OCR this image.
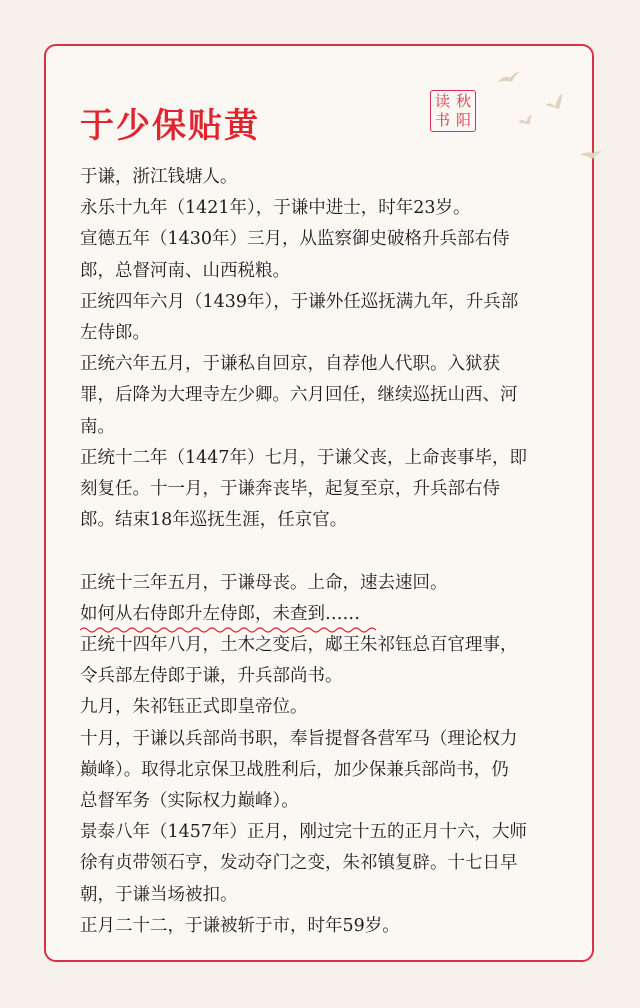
于少保贴黄
读 秋
书 阳

于谦，浙江钱塘人。

永乐十九年（1421年），于谦中进士，时年23岁。

宣德五年（1430年）三月，从监察御史破格升兵部右侍

郎，总督河南、山西税粮。

正统四年六月（1439年），于谦外任巡抚满九年，升兵部

左侍郎。

正统六年五月，于谦私自回京，自荐他人代职。入狱获

罪，后降为大理寺左少卿。六月回任，继续巡抚山西、河

南。

正统十二年（1447年）七月，于谦父丧，上命丧事毕，即

刻复任。十一月，于谦奔丧毕，起复至京，升兵部右侍

郎。结束18年巡抚生涯，任京官。

正统十三年五月，于谦母丧。上命，速去速回。

如何从右侍郎升左侍郎，未查到……

正统十四年八月，土木之变后，郕王朱祁钰总百官理事，

令兵部左侍郎于谦，升兵部尚书。

九月，朱祁钰正式即皇帝位。

十月，于谦以兵部尚书职，奉旨提督各营军马（理论权力

巅峰）。取得北京保卫战胜利后，加少保兼兵部尚书，仍

总督军务（实际权力巅峰）。

景泰八年（1457年）正月，刚过完十五的正月十六，大师

徐有贞带领石亨，发动夺门之变，朱祁镇复辟。十七日早

朝，于谦当场被扣。

正月二十二，于谦被斩于市，时年59岁。
